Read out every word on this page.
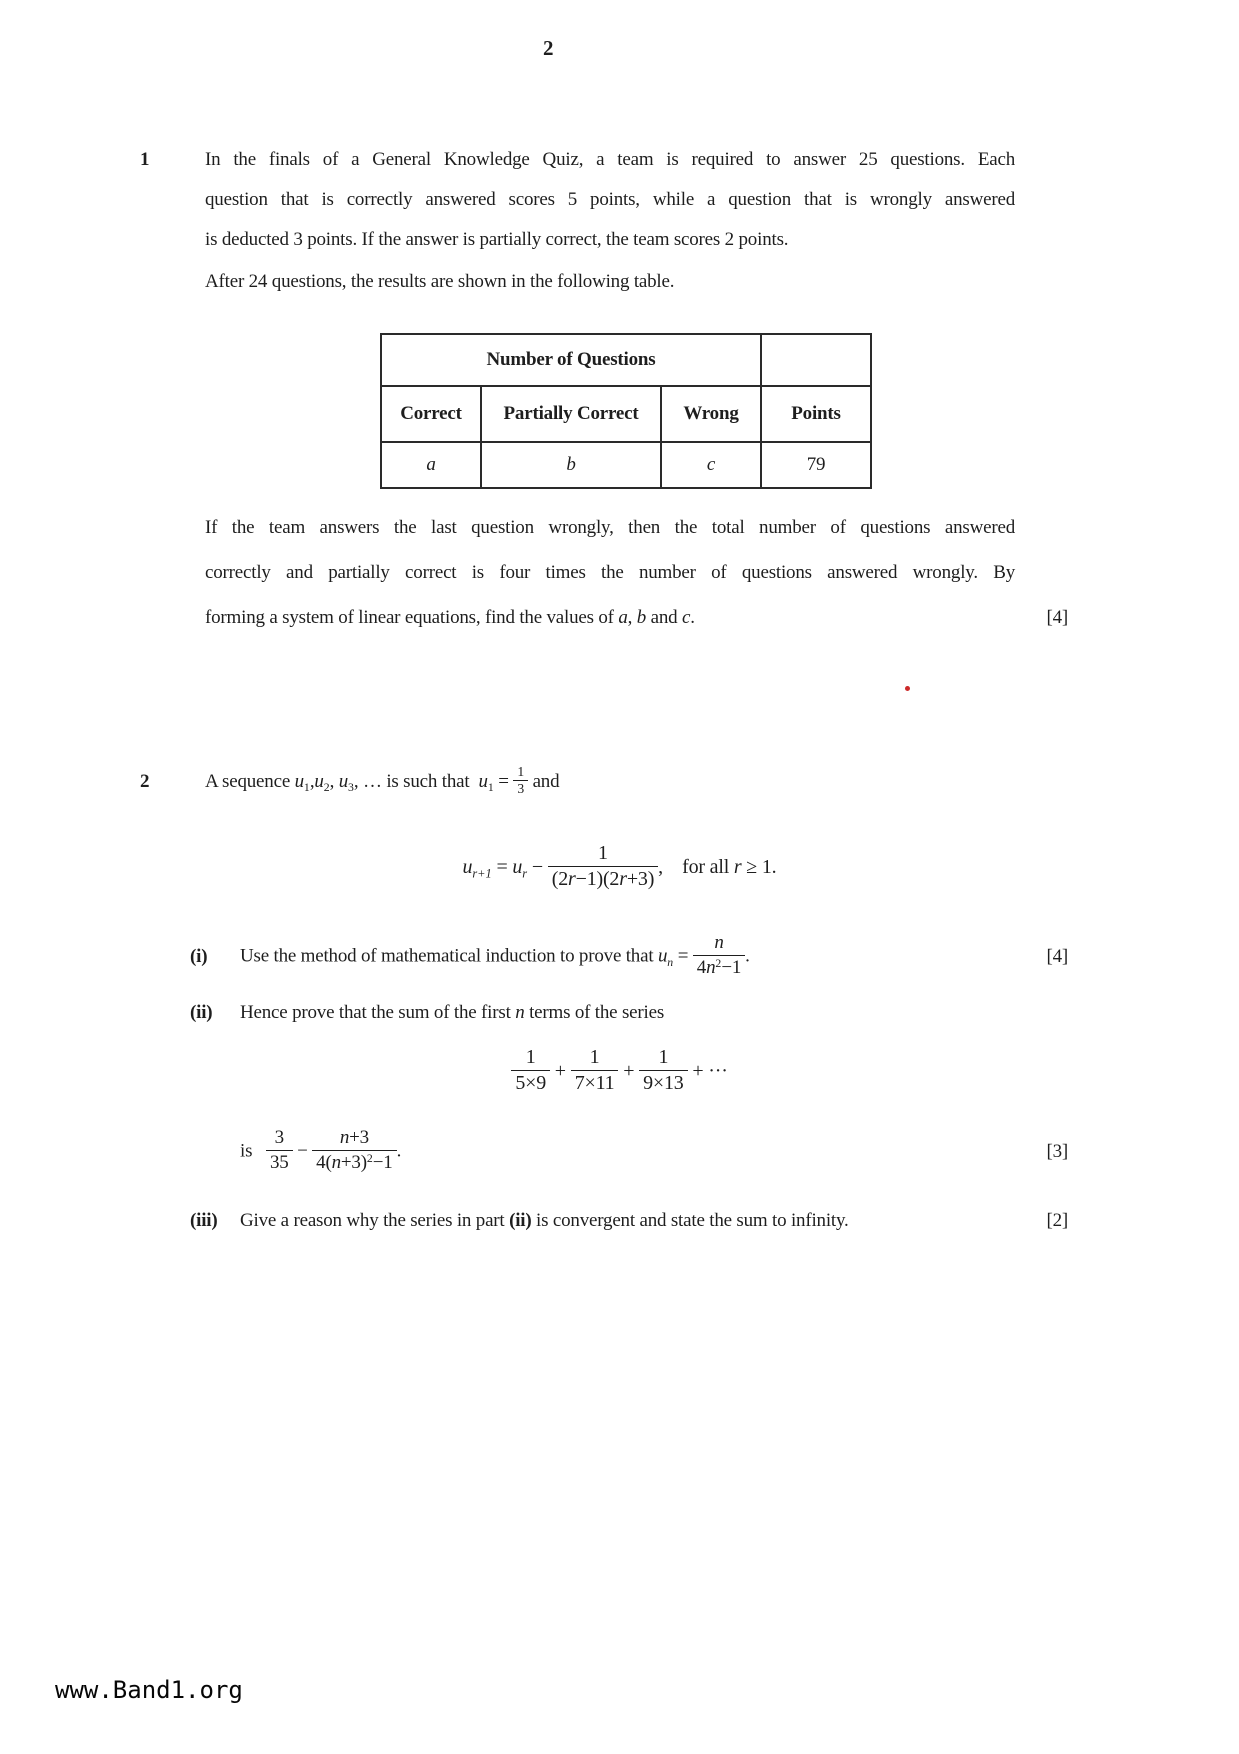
2
1	In the finals of a General Knowledge Quiz, a team is required to answer 25 questions. Each
question that is correctly answered scores 5 points, while a question that is wrongly answered
is deducted 3 points. If the answer is partially correct, the team scores 2 points.
After 24 questions, the results are shown in the following table.
Number of Questions			
Correct	Partially Correct	Wrong	Points
a	b	c	79
If the team answers the last question wrongly, then the total number of questions answered
correctly and partially correct is four times the number of questions answered wrongly. By
forming a system of linear equations, find the values of a, b and c.	[4]
2	A sequence $u_1,u_2$, $u_3$, … is such that  $u_1 = \frac{1}{3}$ and
$u_{r+1} = u_r - \frac{1}{(2r-1)(2r+3)}$ ,    for all r ≥ 1.
(i)	Use the method of mathematical induction to prove that $u_n = \frac{n}{4n^2-1}$ .	[4]
(ii)	Hence prove that the sum of the first n terms of the series
$\frac{1}{5\times 9} + \frac{1}{7\times 11} + \frac{1}{9\times 13}$ + ···
is $\frac{3}{35} - \frac{n+3}{4(n+3)^2-1}$ .	[3]
(iii)	Give a reason why the series in part (ii) is convergent and state the sum to infinity.	[2]
www.Band1.org
